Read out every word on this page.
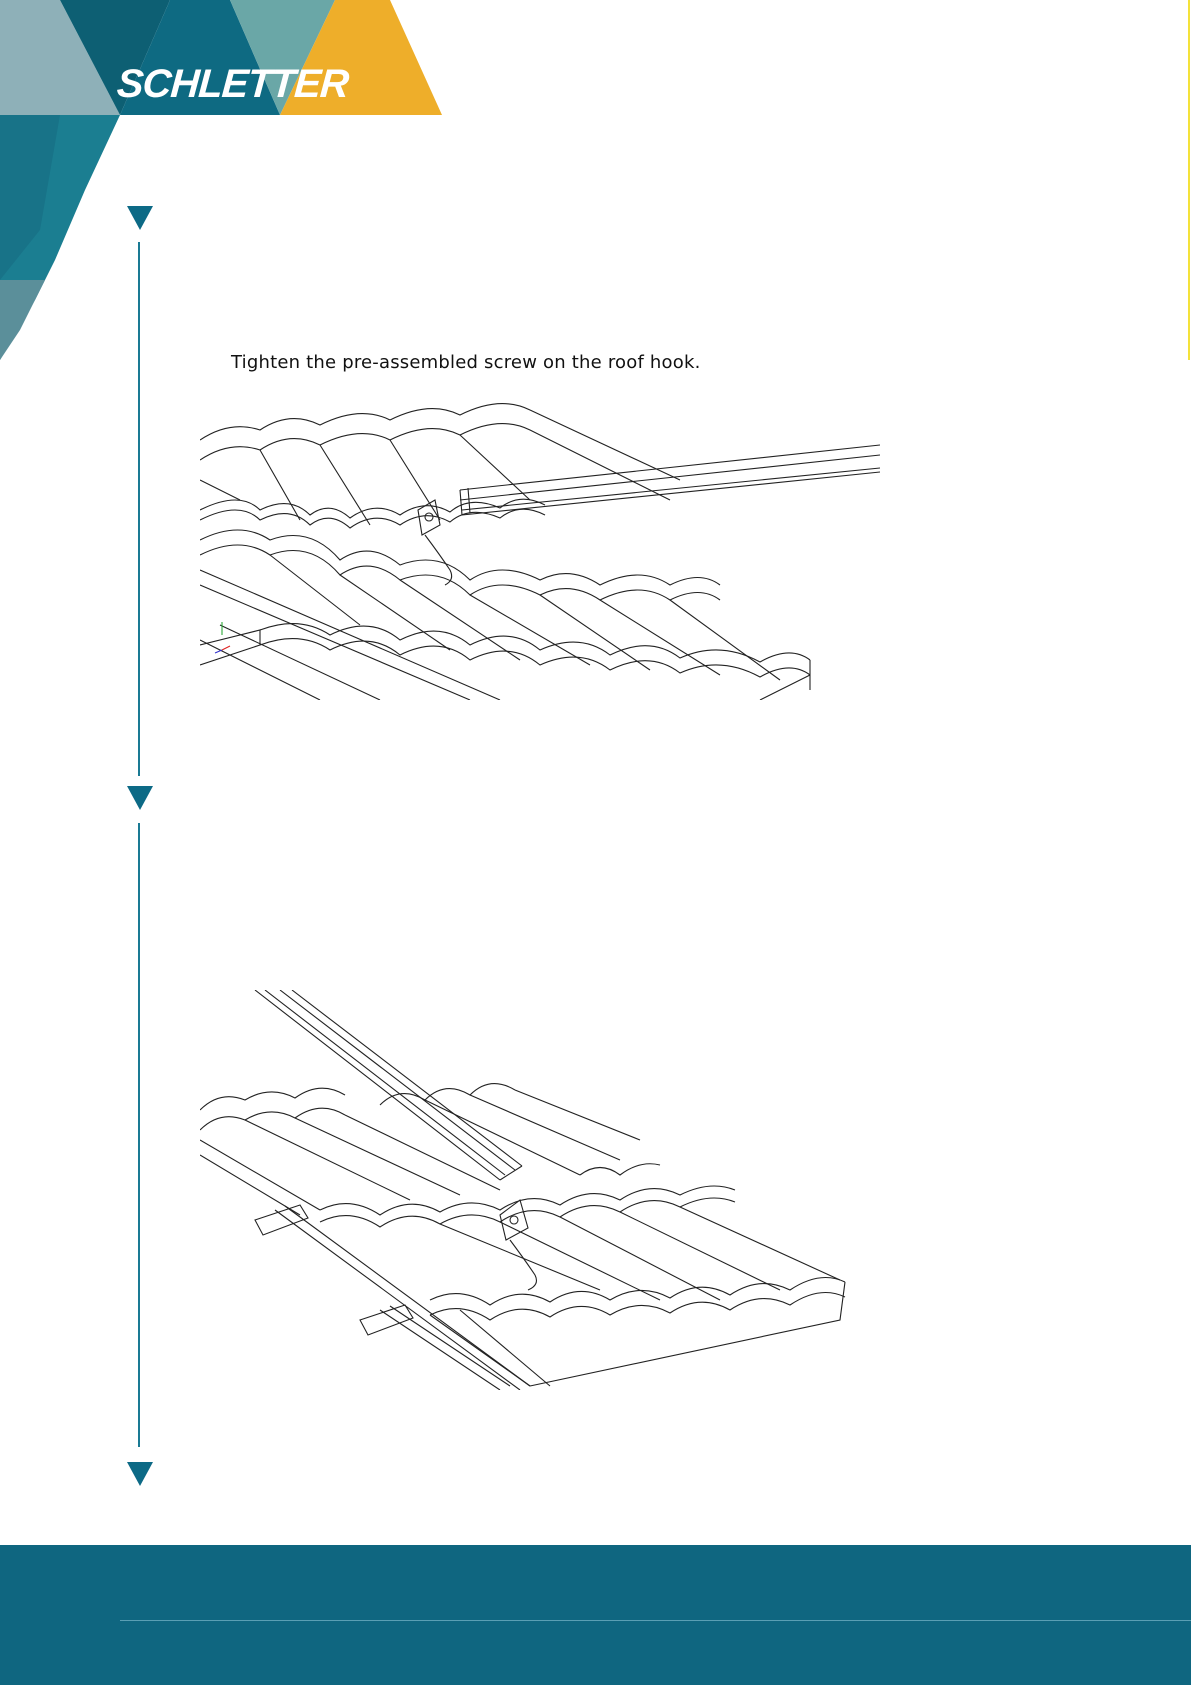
SCHLETTER
Tighten the pre-assembled screw on the roof hook.
